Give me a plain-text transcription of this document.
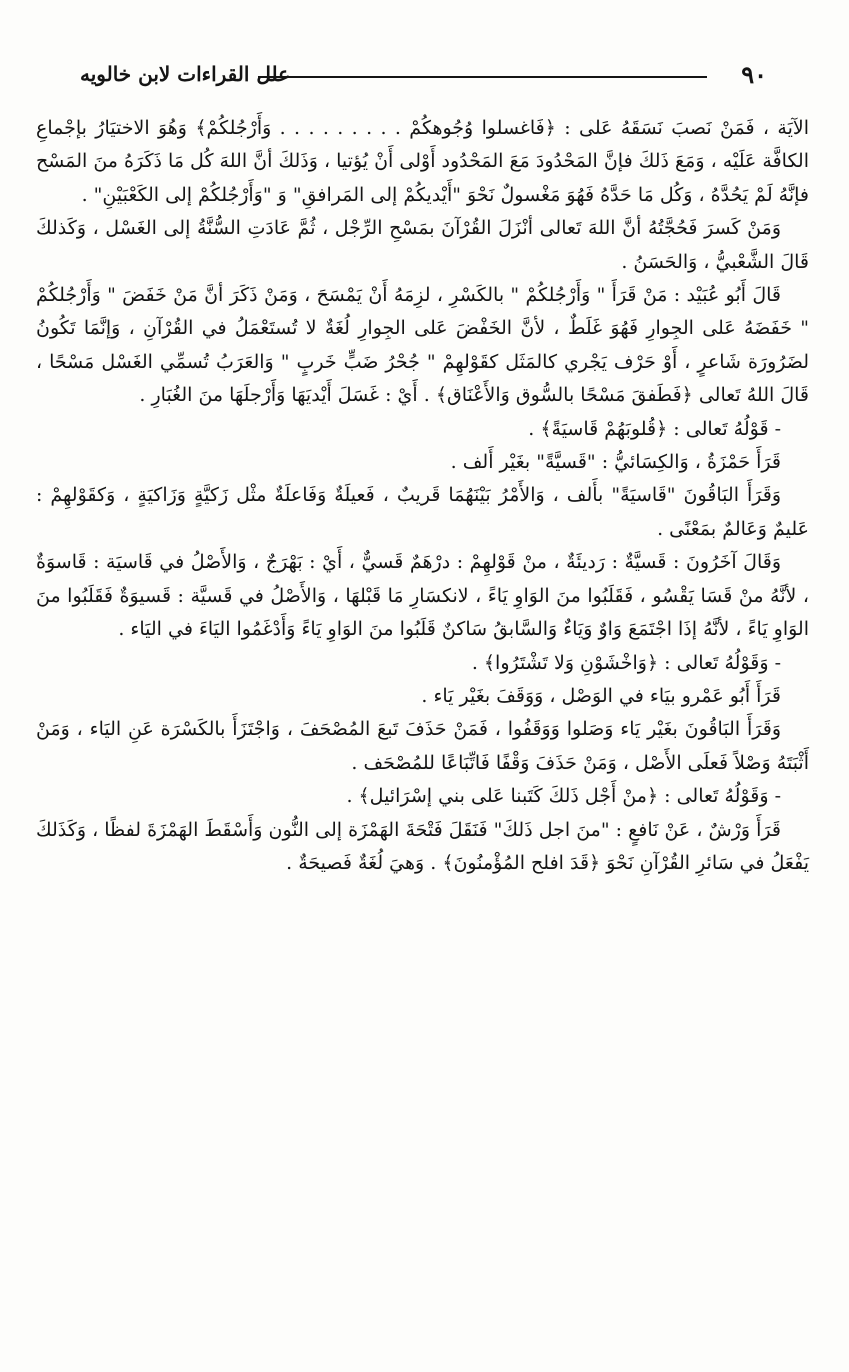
٩٠
علل القراءات لابن خالويه

الآيَة ، فَمَنْ نَصبَ نَسَقَهُ عَلى : ﴿فَاغسلوا وُجُوهكُمْ . . . . . . . . . وَأَرْجُلكُمْ﴾ وَهُوَ الاختيَارُ بإجْماعِ الكافَّة عَلَيْه ، وَمَعَ ذَلكَ فإنَّ المَحْدُودَ مَعَ المَحْدُود أَوْلى أَنْ يُؤتيا ، وَذَلكَ أنَّ اللهَ كُل مَا ذَكَرَهُ منَ المَسْح فإنَّهُ لَمْ يَحُدَّهُ ، وَكُل مَا حَدَّهُ فَهُوَ مَغْسولٌ نَحْوَ "أَيْديكُمْ إلى المَرافقِ" وَ "وَأَرْجُلكُمْ إلى الكَعْبَيْنِ" .

وَمَنْ كَسرَ فَحُجَّتُهُ أنَّ اللهَ تَعالى أنْزَلَ القُرْآنَ بمَسْحِ الرِّجْل ، ثُمَّ عَادَتِ السُّنَّةُ إلى الغَسْل ، وَكَذلكَ قَالَ الشَّعْبيُّ ، وَالحَسَنُ .

قَالَ أَبُو عُبَيْد : مَنْ قَرَأَ " وَأَرْجُلكُمْ " بالكَسْرِ ، لزِمَهُ أَنْ يَمْسَحَ ، وَمَنْ ذَكَرَ أنَّ مَنْ خَفَضَ " وَأَرْجُلكُمْ " خَفَضَهُ عَلى الجِوارِ فَهُوَ غَلَطٌ ، لأنَّ الخَفْضَ عَلى الجِوارِ لُغَةٌ لا تُستَعْمَلُ في القُرْآنِ ، وَإنَّمَا تَكُونُ لضَرُورَة شَاعرٍ ، أَوْ حَرْف يَجْري كالمَثَل كقَوْلهِمْ " جُحْرُ ضَبٍّ خَربٍ " وَالعَرَبُ تُسمِّي الغَسْل مَسْحًا ، قَالَ اللهُ تَعالى ﴿فَطَفقَ مَسْحًا بالسُّوق وَالأَعْنَاق﴾ . أَيْ : غَسَلَ أَيْديَهَا وَأَرْجلَهَا منَ الغُبَارِ .

- قَوْلُهُ تَعالى : ﴿قُلوبَهُمْ قَاسيَةً﴾ .

قَرَأَ حَمْزَةُ ، وَالكِسَائيُّ : "قَسيَّةً" بغَيْر أَلف .

وَقَرَأَ البَاقُونَ "قَاسيَةً" بأَلف ، وَالأَمْرُ بَيْنَهُمَا قَريبٌ ، فَعيلَةٌ وَفَاعلَةٌ مثْل زَكيَّةٍ وَزَاكيَةٍ ، وَكقَوْلهِمْ : عَليمٌ وَعَالمٌ بمَعْنًى .

وَقَالَ آخَرُونَ : قَسيَّةٌ : رَديئَةٌ ، منْ قَوْلهِمْ : درْهَمٌ قَسيٌّ ، أَيْ : بَهْرَجٌ ، وَالأَصْلُ في قَاسيَة : قَاسوَةٌ ، لأنَّهُ منْ قَسَا يَقْسُو ، فَقَلَبُوا منَ الوَاوِ يَاءً ، لانكسَارِ مَا قَبْلهَا ، وَالأَصْلُ في قَسيَّة : قَسيوَةٌ فَقَلَبُوا منَ الوَاوِ يَاءً ، لأنَّهُ إذَا اجْتَمَعَ وَاوٌ وَيَاءٌ وَالسَّابقُ سَاكنٌ قَلَبُوا منَ الوَاوِ يَاءً وَأَدْغَمُوا اليَاءَ في اليَاء .

- وَقَوْلُهُ تَعالى : ﴿وَاخْشَوْنِ وَلا تَشْتَرُوا﴾ .

قَرَأَ أَبُو عَمْرو بيَاء في الوَصْل ، وَوَقَفَ بغَيْر يَاء .

وَقَرَأَ البَاقُونَ بغَيْر يَاء وَصَلوا وَوَقَفُوا ، فَمَنْ حَذَفَ تَبعَ المُصْحَفَ ، وَاجْتَزَأَ بالكَسْرَة عَنِ اليَاء ، وَمَنْ أَثْبَتَهُ وَصْلاً فَعلَى الأَصْل ، وَمَنْ حَذَفَ وَقْفًا فَاتِّبَاعًا للمُصْحَف .

- وَقَوْلُهُ تَعالى : ﴿منْ أَجْل ذَلكَ كَتَبنا عَلى بني إسْرَائيل﴾ .

قَرَأَ وَرْشٌ ، عَنْ نَافعٍ : "منَ اجل ذَلكَ" فَنَقَلَ فَتْحَةَ الهَمْزَة إلى النُّون وَأَسْقَطَ الهَمْزَةَ لفظًا ، وَكَذَلكَ يَفْعَلُ في سَائرِ القُرْآنِ نَحْوَ ﴿قَدَ افلح المُؤْمنُونَ﴾ . وَهيَ لُغَةٌ فَصيحَةٌ .
